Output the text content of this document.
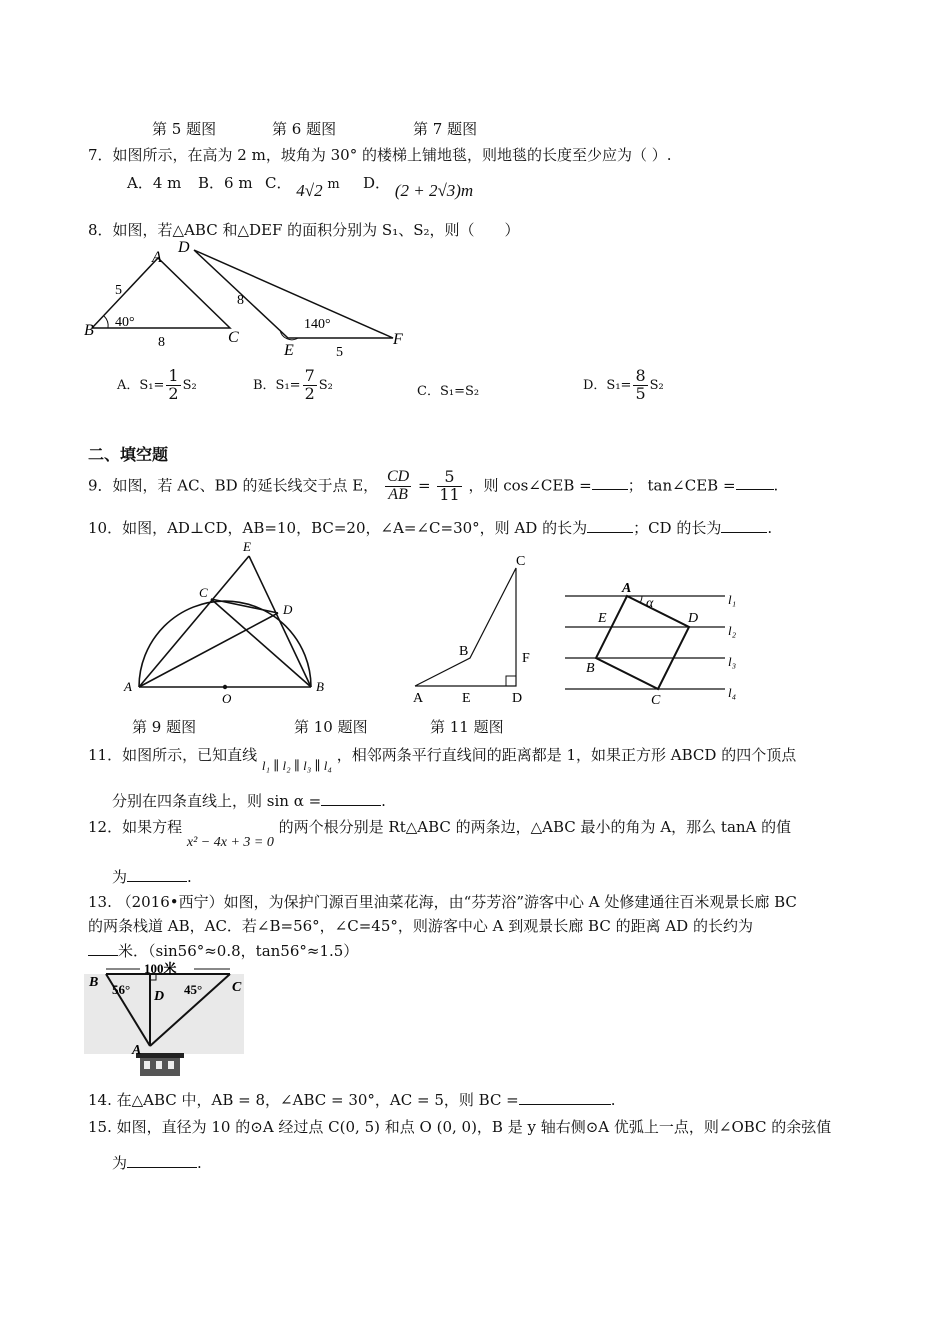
第 5 题图	第 6 题图	第 7 题图
7．如图所示，在高为 2 m，坡角为 30° 的楼梯上铺地毯，则地毯的长度至少应为（ ）.
A．4 m B．6 m C． 4√2 m D． (2 + 2√3)m
8．如图，若△ABC 和△DEF 的面积分别为 S₁、S₂，则（　　）
A
B	C
D
E
F
5
8
40°
8
5
140°
A．$S_1= \frac{1}{2} S_2$	B．$S_1= \frac{7}{2} S_2$	C．S₁=S₂	D．$S_1= \frac{8}{5} S_2$
二、填空题
9．如图，若 AC、BD 的延长线交于点 E， $\frac{CD}{AB} = \frac{5}{11}$ ，则 cos∠CEB = ； tan∠CEB =	.
10．如图，AD⊥CD，AB=10，BC=20，∠A=∠C=30°，则 AD 的长为	；CD 的长为	.
E
C
D
A
O
B
C
B	F
A	E	D
A
α
E	D
B
C
l₁
l₂
l₃
l₄
第 9 题图	第 10 题图	第 11 题图
11．如图所示，已知直线 l₁ ∥ l₂ ∥ l₃ ∥ l₄ ，相邻两条平行直线间的距离都是 1，如果正方形 ABCD 的四个顶点
分别在四条直线上，则 sin α =	.
12．如果方程 x² − 4x + 3 = 0 的两个根分别是 Rt△ABC 的两条边，△ABC 最小的角为 A，那么 tanA 的值
为	.
13. （2016•西宁）如图，为保护门源百里油菜花海，由“芬芳浴”游客中心 A 处修建通往百米观景长廊 BC
的两条栈道 AB，AC．若∠B=56°，∠C=45°，则游客中心 A 到观景长廊 BC 的距离 AD 的长约为
米．（sin56°≈0.8，tan56°≈1.5）
B	C
D
A
100米
56°	45°
14. 在△ABC 中，AB = 8，∠ABC = 30°，AC = 5，则 BC =	.
15. 如图，直径为 10 的⊙A 经过点 C(0, 5) 和点 O (0, 0)，B 是 y 轴右侧⊙A 优弧上一点，则∠OBC 的余弦值
为	.
